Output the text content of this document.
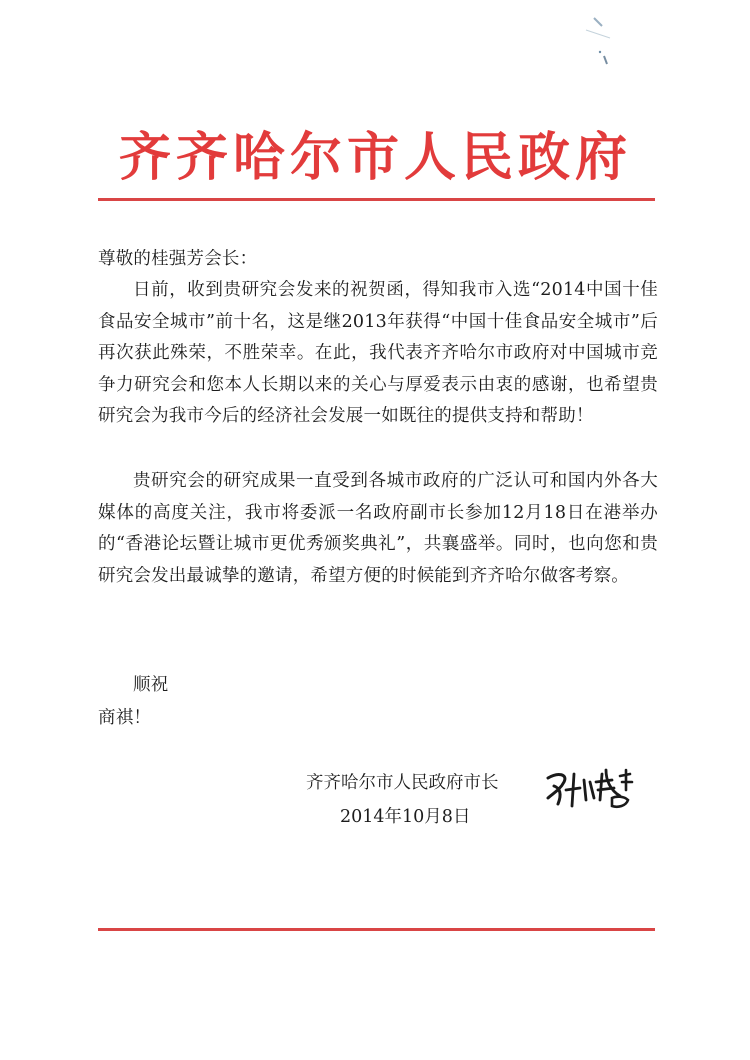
齐齐哈尔市人民政府
尊敬的桂强芳会长：
日前，收到贵研究会发来的祝贺函，得知我市入选“2014中国十佳食品安全城市”前十名，这是继2013年获得“中国十佳食品安全城市”后再次获此殊荣，不胜荣幸。在此，我代表齐齐哈尔市政府对中国城市竞争力研究会和您本人长期以来的关心与厚爱表示由衷的感谢，也希望贵研究会为我市今后的经济社会发展一如既往的提供支持和帮助！
贵研究会的研究成果一直受到各城市政府的广泛认可和国内外各大媒体的高度关注，我市将委派一名政府副市长参加12月18日在港举办的“香港论坛暨让城市更优秀颁奖典礼”，共襄盛举。同时，也向您和贵研究会发出最诚挚的邀请，希望方便的时候能到齐齐哈尔做客考察。
顺祝
商祺！
齐齐哈尔市人民政府市长
2014年10月8日
